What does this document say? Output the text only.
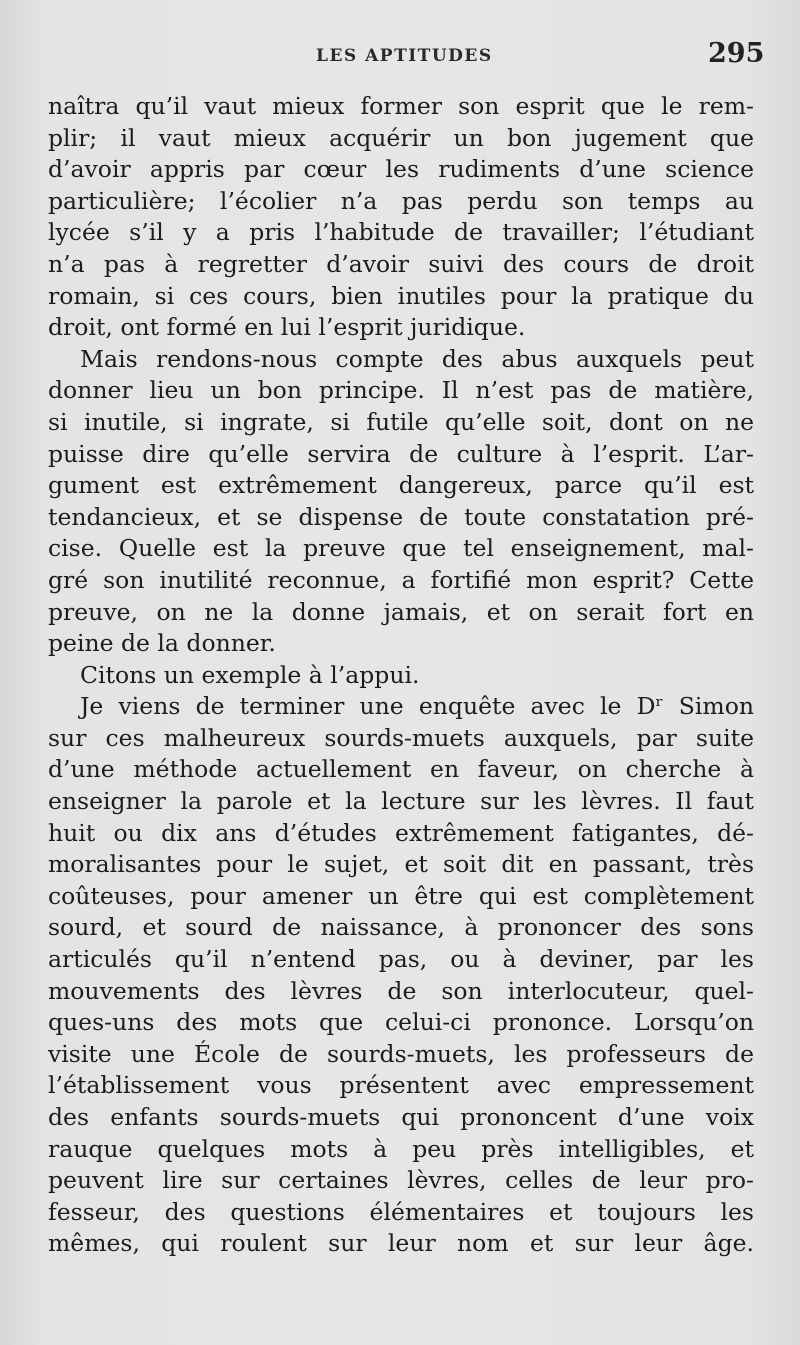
LES APTITUDES	295
naîtra qu’il vaut mieux former son esprit que le rem-
plir; il vaut mieux acquérir un bon jugement que
d’avoir appris par cœur les rudiments d’une science
particulière; l’écolier n’a pas perdu son temps au
lycée s’il y a pris l’habitude de travailler; l’étudiant
n’a pas à regretter d’avoir suivi des cours de droit
romain, si ces cours, bien inutiles pour la pratique du
droit, ont formé en lui l’esprit juridique.
Mais rendons-nous compte des abus auxquels peut
donner lieu un bon principe. Il n’est pas de matière,
si inutile, si ingrate, si futile qu’elle soit, dont on ne
puisse dire qu’elle servira de culture à l’esprit. L’ar-
gument est extrêmement dangereux, parce qu’il est
tendancieux, et se dispense de toute constatation pré-
cise. Quelle est la preuve que tel enseignement, mal-
gré son inutilité reconnue, a fortifié mon esprit? Cette
preuve, on ne la donne jamais, et on serait fort en
peine de la donner.
Citons un exemple à l’appui.
Je viens de terminer une enquête avec le Dʳ Simon
sur ces malheureux sourds-muets auxquels, par suite
d’une méthode actuellement en faveur, on cherche à
enseigner la parole et la lecture sur les lèvres. Il faut
huit ou dix ans d’études extrêmement fatigantes, dé-
moralisantes pour le sujet, et soit dit en passant, très
coûteuses, pour amener un être qui est complètement
sourd, et sourd de naissance, à prononcer des sons
articulés qu’il n’entend pas, ou à deviner, par les
mouvements des lèvres de son interlocuteur, quel-
ques-uns des mots que celui-ci prononce. Lorsqu’on
visite une École de sourds-muets, les professeurs de
l’établissement vous présentent avec empressement
des enfants sourds-muets qui prononcent d’une voix
rauque quelques mots à peu près intelligibles, et
peuvent lire sur certaines lèvres, celles de leur pro-
fesseur, des questions élémentaires et toujours les
mêmes, qui roulent sur leur nom et sur leur âge.
